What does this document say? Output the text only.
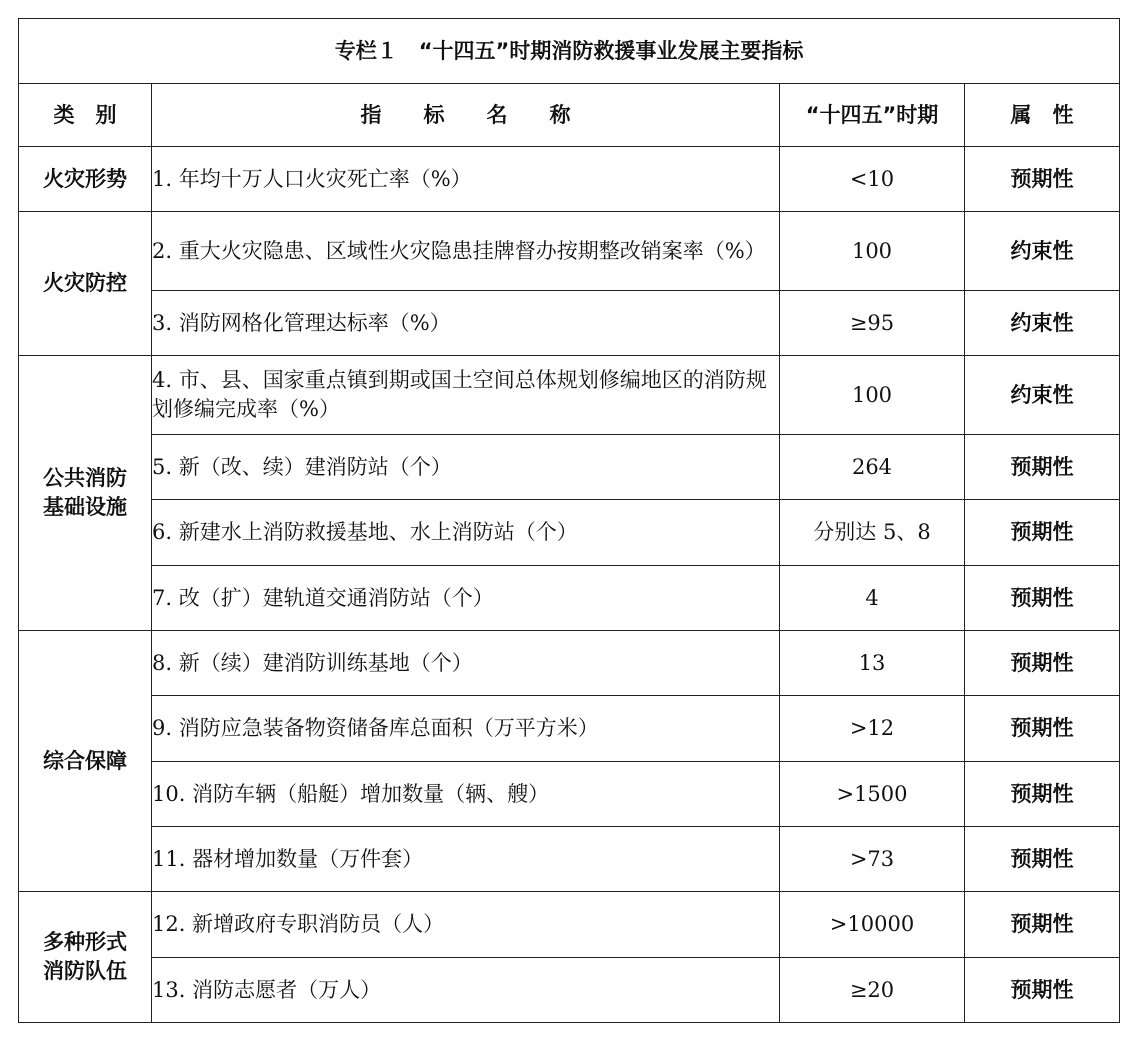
专栏１　“十四五”时期消防救援事业发展主要指标			
类　别	指　　标　　名　　称	“十四五”时期	属　性

火灾形势	1. 年均十万人口火灾死亡率（%）	<10	预期性

火灾防控	2. 重大火灾隐患、区域性火灾隐患挂牌督办按期整改销案率（%）	100	约束性
	3. 消防网格化管理达标率（%）	≥95	约束性

公共消防
基础设施	4. 市、县、国家重点镇到期或国土空间总体规划修编地区的消防规划修编完成率（%）	100	约束性
	5. 新（改、续）建消防站（个）	264	预期性
	6. 新建水上消防救援基地、水上消防站（个）	分别达 5、8	预期性
	7. 改（扩）建轨道交通消防站（个）	4	预期性

综合保障	8. 新（续）建消防训练基地（个）	13	预期性
	9. 消防应急装备物资储备库总面积（万平方米）	>12	预期性
	10. 消防车辆（船艇）增加数量（辆、艘）	>1500	预期性
	11. 器材增加数量（万件套）	>73	预期性

多种形式
消防队伍	12. 新增政府专职消防员（人）	>10000	预期性
	13. 消防志愿者（万人）	≥20	预期性
